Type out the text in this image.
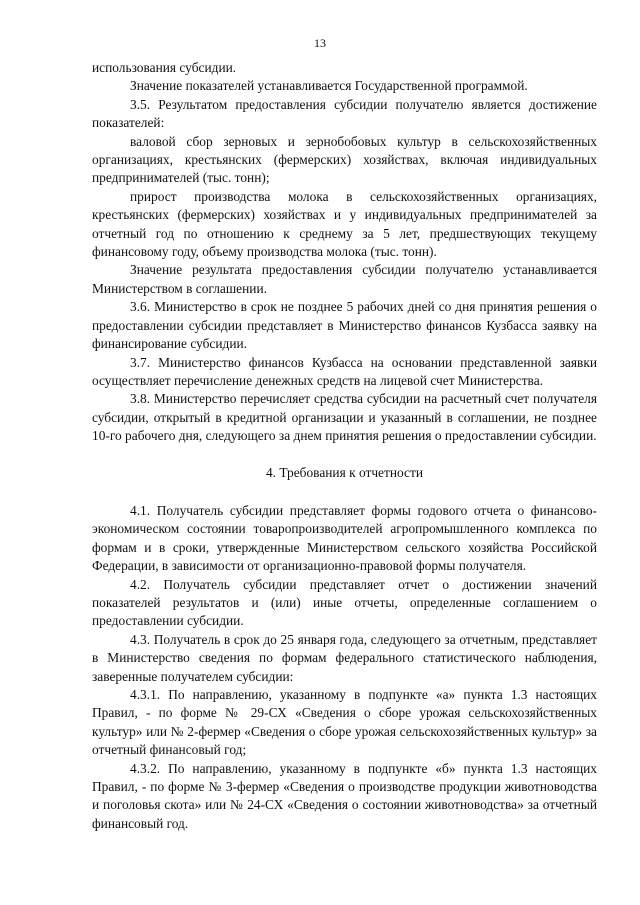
13

использования субсидии.

Значение показателей устанавливается Государственной программой.

3.5. Результатом предоставления субсидии получателю является достижение показателей:

валовой сбор зерновых и зернобобовых культур в сельскохозяйственных организациях, крестьянских (фермерских) хозяйствах, включая индивидуальных предпринимателей (тыс. тонн);

прирост производства молока в сельскохозяйственных организациях, крестьянских (фермерских) хозяйствах и у индивидуальных предпринимателей за отчетный год по отношению к среднему за 5 лет, предшествующих текущему финансовому году, объему производства молока (тыс. тонн).

Значение результата предоставления субсидии получателю устанавливается Министерством в соглашении.

3.6. Министерство в срок не позднее 5 рабочих дней со дня принятия решения о предоставлении субсидии представляет в Министерство финансов Кузбасса заявку на финансирование субсидии.

3.7. Министерство финансов Кузбасса на основании представленной заявки осуществляет перечисление денежных средств на лицевой счет Министерства.

3.8. Министерство перечисляет средства субсидии на расчетный счет получателя субсидии, открытый в кредитной организации и указанный в соглашении, не позднее 10-го рабочего дня, следующего за днем принятия решения о предоставлении субсидии.

4. Требования к отчетности

4.1. Получатель субсидии представляет формы годового отчета о финансово-экономическом состоянии товаропроизводителей агропромышленного комплекса по формам и в сроки, утвержденные Министерством сельского хозяйства Российской Федерации, в зависимости от организационно-правовой формы получателя.

4.2. Получатель субсидии представляет отчет о достижении значений показателей результатов и (или) иные отчеты, определенные соглашением о предоставлении субсидии.

4.3. Получатель в срок до 25 января года, следующего за отчетным, представляет в Министерство сведения по формам федерального статистического наблюдения, заверенные получателем субсидии:

4.3.1. По направлению, указанному в подпункте «а» пункта 1.3 настоящих Правил, - по форме № 29-СХ «Сведения о сборе урожая сельскохозяйственных культур» или № 2-фермер «Сведения о сборе урожая сельскохозяйственных культур» за отчетный финансовый год;

4.3.2. По направлению, указанному в подпункте «б» пункта 1.3 настоящих Правил, - по форме № 3-фермер «Сведения о производстве продукции животноводства и поголовья скота» или № 24-СХ «Сведения о состоянии животноводства» за отчетный финансовый год.
